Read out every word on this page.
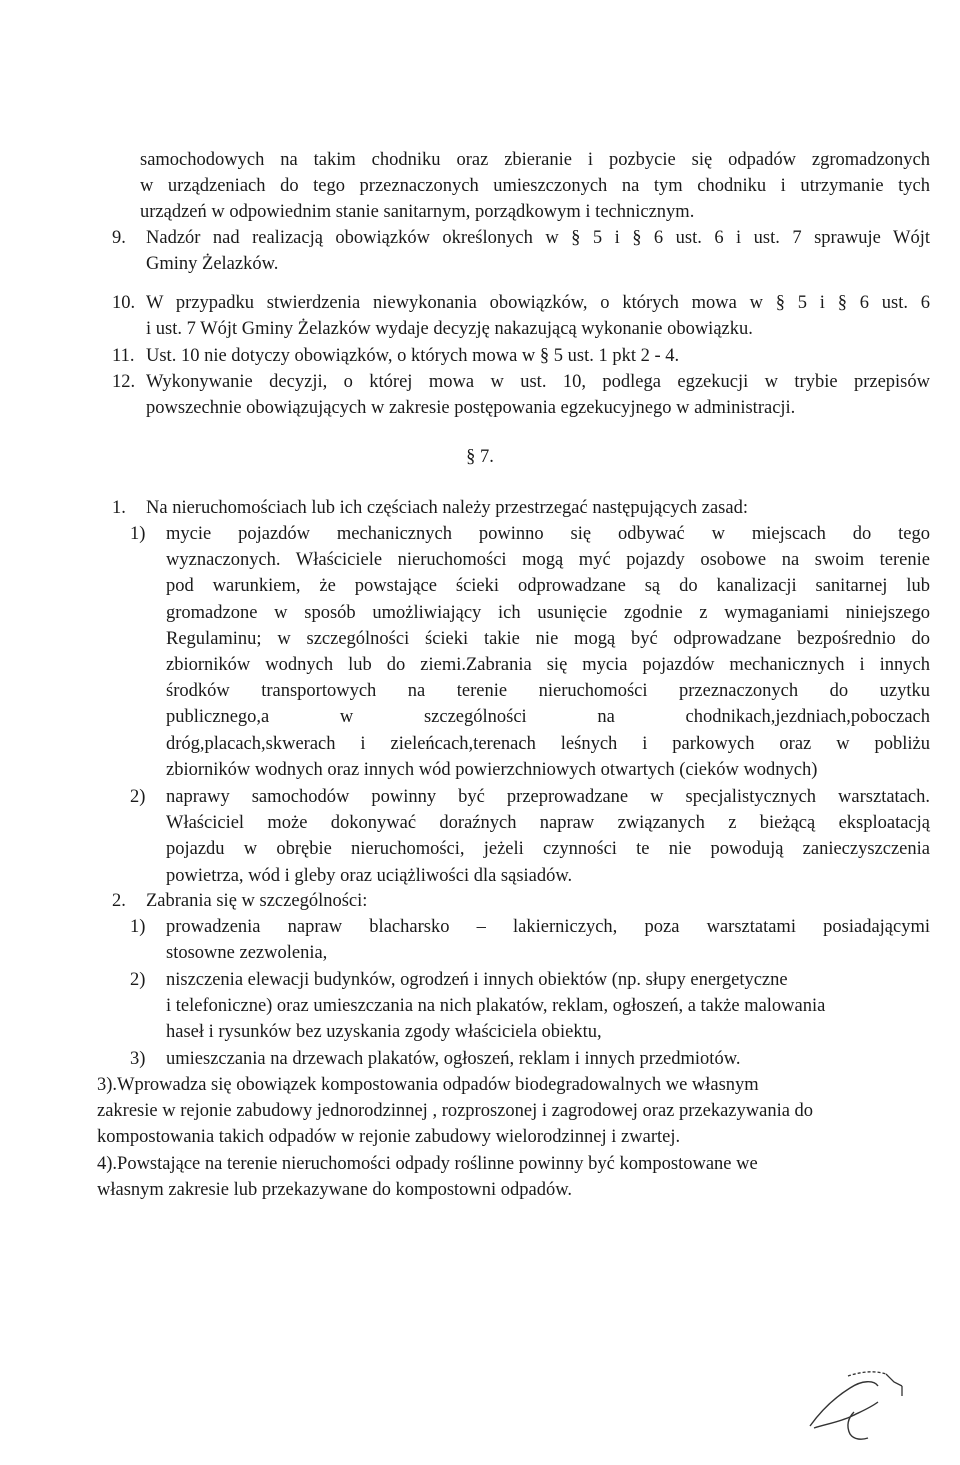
samochodowych na takim chodniku oraz zbieranie i pozbycie się odpadów zgromadzonych

w urządzeniach do tego przeznaczonych umieszczonych na tym chodniku i utrzymanie tych

urządzeń w odpowiednim stanie sanitarnym, porządkowym i technicznym.

9. Nadzór nad realizacją obowiązków określonych w § 5 i § 6 ust. 6 i ust. 7 sprawuje Wójt

Gminy Żelazków.

10. W przypadku stwierdzenia niewykonania obowiązków, o których mowa w § 5 i § 6 ust. 6

i ust. 7 Wójt Gminy Żelazków wydaje decyzję nakazującą wykonanie obowiązku.

11. Ust. 10 nie dotyczy obowiązków, o których mowa w § 5 ust. 1 pkt 2 - 4.

12. Wykonywanie decyzji, o której mowa w ust. 10, podlega egzekucji w trybie przepisów

powszechnie obowiązujących w zakresie postępowania egzekucyjnego w administracji.

§ 7.
1. Na nieruchomościach lub ich częściach należy przestrzegać następujących zasad:

1) mycie pojazdów mechanicznych powinno się odbywać w miejscach do tego

wyznaczonych. Właściciele nieruchomości mogą myć pojazdy osobowe na swoim terenie

pod warunkiem, że powstające ścieki odprowadzane są do kanalizacji sanitarnej lub

gromadzone w sposób umożliwiający ich usunięcie zgodnie z wymaganiami niniejszego

Regulaminu; w szczególności ścieki takie nie mogą być odprowadzane bezpośrednio do

zbiorników wodnych lub do ziemi.Zabrania się mycia pojazdów mechanicznych i innych

środków transportowych na terenie nieruchomości przeznaczonych do uzytku

publicznego,a w szczególności na chodnikach,jezdniach,poboczach

dróg,placach,skwerach i zieleńcach,terenach leśnych i parkowych oraz w pobliżu

zbiorników wodnych oraz innych wód powierzchniowych otwartych (cieków wodnych)

2) naprawy samochodów powinny być przeprowadzane w specjalistycznych warsztatach.

Właściciel może dokonywać doraźnych napraw związanych z bieżącą eksploatacją

pojazdu w obrębie nieruchomości, jeżeli czynności te nie powodują zanieczyszczenia

powietrza, wód i gleby oraz uciążliwości dla sąsiadów.

2. Zabrania się w szczególności:

1) prowadzenia napraw blacharsko – lakierniczych, poza warsztatami posiadającymi

stosowne zezwolenia,

2) niszczenia elewacji budynków, ogrodzeń i innych obiektów (np. słupy energetyczne

i telefoniczne) oraz umieszczania na nich plakatów, reklam, ogłoszeń, a także malowania

haseł i rysunków bez uzyskania zgody właściciela obiektu,

3) umieszczania na drzewach plakatów, ogłoszeń, reklam i innych przedmiotów.

3).Wprowadza się obowiązek kompostowania odpadów biodegradowalnych we własnym

zakresie w rejonie zabudowy jednorodzinnej , rozproszonej i zagrodowej oraz przekazywania do

kompostowania takich odpadów w rejonie zabudowy wielorodzinnej i zwartej.

4).Powstające na terenie nieruchomości odpady roślinne powinny być kompostowane we

własnym zakresie lub przekazywane do kompostowni odpadów.
